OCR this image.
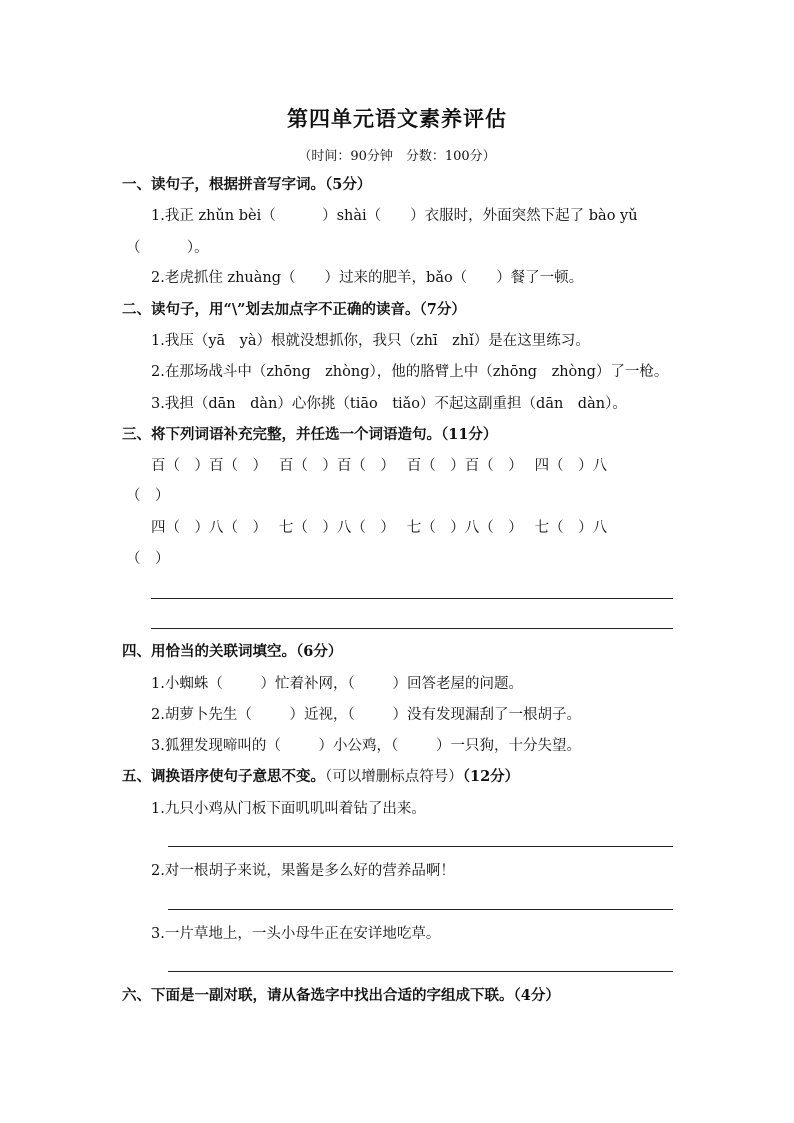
第四单元语文素养评估
（时间：90分钟　分数：100分）
一、读句子，根据拼音写字词。（5分）
1.我正 zhǔn bèi（	）shài（ ）衣服时，外面突然下起了 bào yǔ
（	）。
2.老虎抓住 zhuàng（ ）过来的肥羊，bǎo（ ）餐了一顿。
二、读句子，用“\”划去加点字不正确的读音。（7分）
1.我压（yā　yà）根就没想抓你，我只（zhī　zhǐ）是在这里练习。
2.在那场战斗中（zhōng　zhòng），他的胳臂上中（zhōng　zhòng）了一枪。
3.我担（dān　dàn）心你挑（tiāo　tiǎo）不起这副重担（dān　dàn）。
三、将下列词语补充完整，并任选一个词语造句。（11分）
百（　）百（　）　 百（　）百（　）　 百（　）百（　）　 四（　）八
（　）
四（　）八（　）　 七（　）八（　）　 七（　）八（　）　 七（　）八
（　）
四、用恰当的关联词填空。（6分）
1.小蜘蛛（	）忙着补网，（	）回答老屋的问题。
2.胡萝卜先生（	）近视，（	）没有发现漏刮了一根胡子。
3.狐狸发现啼叫的（	）小公鸡，（	）一只狗，十分失望。
五、调换语序使句子意思不变。（可以增删标点符号）（12分）
1.九只小鸡从门板下面叽叽叫着钻了出来。
2.对一根胡子来说，果酱是多么好的营养品啊！
3.一片草地上，一头小母牛正在安详地吃草。
六、下面是一副对联，请从备选字中找出合适的字组成下联。（4分）
